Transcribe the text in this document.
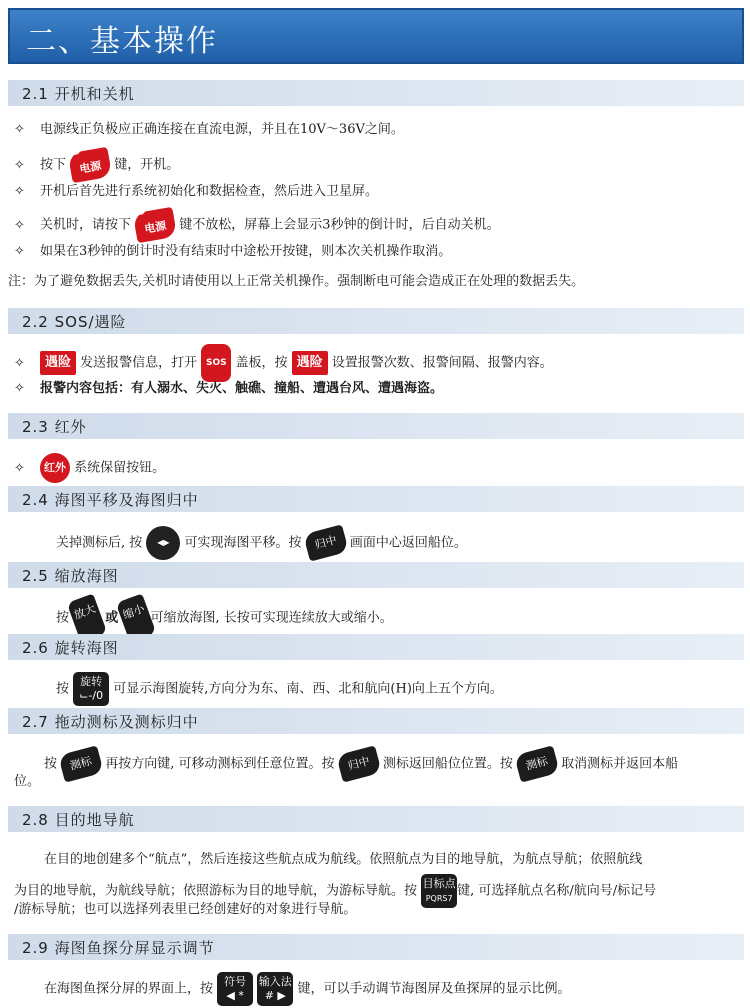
二、基本操作
2.1 开机和关机
✧ 电源线正负极应正确连接在直流电源，并且在10V～36V之间。
✧ 按下 ⏻ 电源 键，开机。
✧ 开机后首先进行系统初始化和数据检查，然后进入卫星屏。
✧ 关机时，请按下 ⏻ 电源 键不放松，屏幕上会显示3秒钟的倒计时，后自动关机。
✧ 如果在3秒钟的倒计时没有结束时中途松开按键，则本次关机操作取消。
注：为了避免数据丢失,关机时请使用以上正常关机操作。强制断电可能会造成正在处理的数据丢失。
2.2 SOS/遇险
✧ 遇险 发送报警信息，打开 SOS 盖板，按 遇险 设置报警次数、报警间隔、报警内容。
✧ 报警内容包括：有人溺水、失火、触礁、撞船、遭遇台风、遭遇海盗。
2.3 红外
✧ 红外 系统保留按钮。
2.4 海图平移及海图归中
关掉测标后, 按 ◀▶ 可实现海图平移。按 归中 画面中心返回船位。
2.5 缩放海图
按 放大 或 缩小 可缩放海图, 长按可实现连续放大或缩小。
2.6 旋转海图
按 旋转
⌙-/0 可显示海图旋转,方向分为东、南、西、北和航向(H)向上五个方向。
2.7 拖动测标及测标归中
按 测标 再按方向键, 可移动测标到任意位置。按 归中 测标返回船位位置。按 测标 取消测标并返回本船
位。
2.8 目的地导航
在目的地创建多个“航点”，然后连接这些航点成为航线。依照航点为目的地导航，为航点导航；依照航线
为目的地导航，为航线导航；依照游标为目的地导航，为游标导航。按 目标点
PQRS7 键, 可选择航点名称/航向号/标记号
/游标导航；也可以选择列表里已经创建好的对象进行导航。
2.9 海图鱼探分屏显示调节
在海图鱼探分屏的界面上，按 符号
◀ * 输入法
# ▶ 键，可以手动调节海图屏及鱼探屏的显示比例。
